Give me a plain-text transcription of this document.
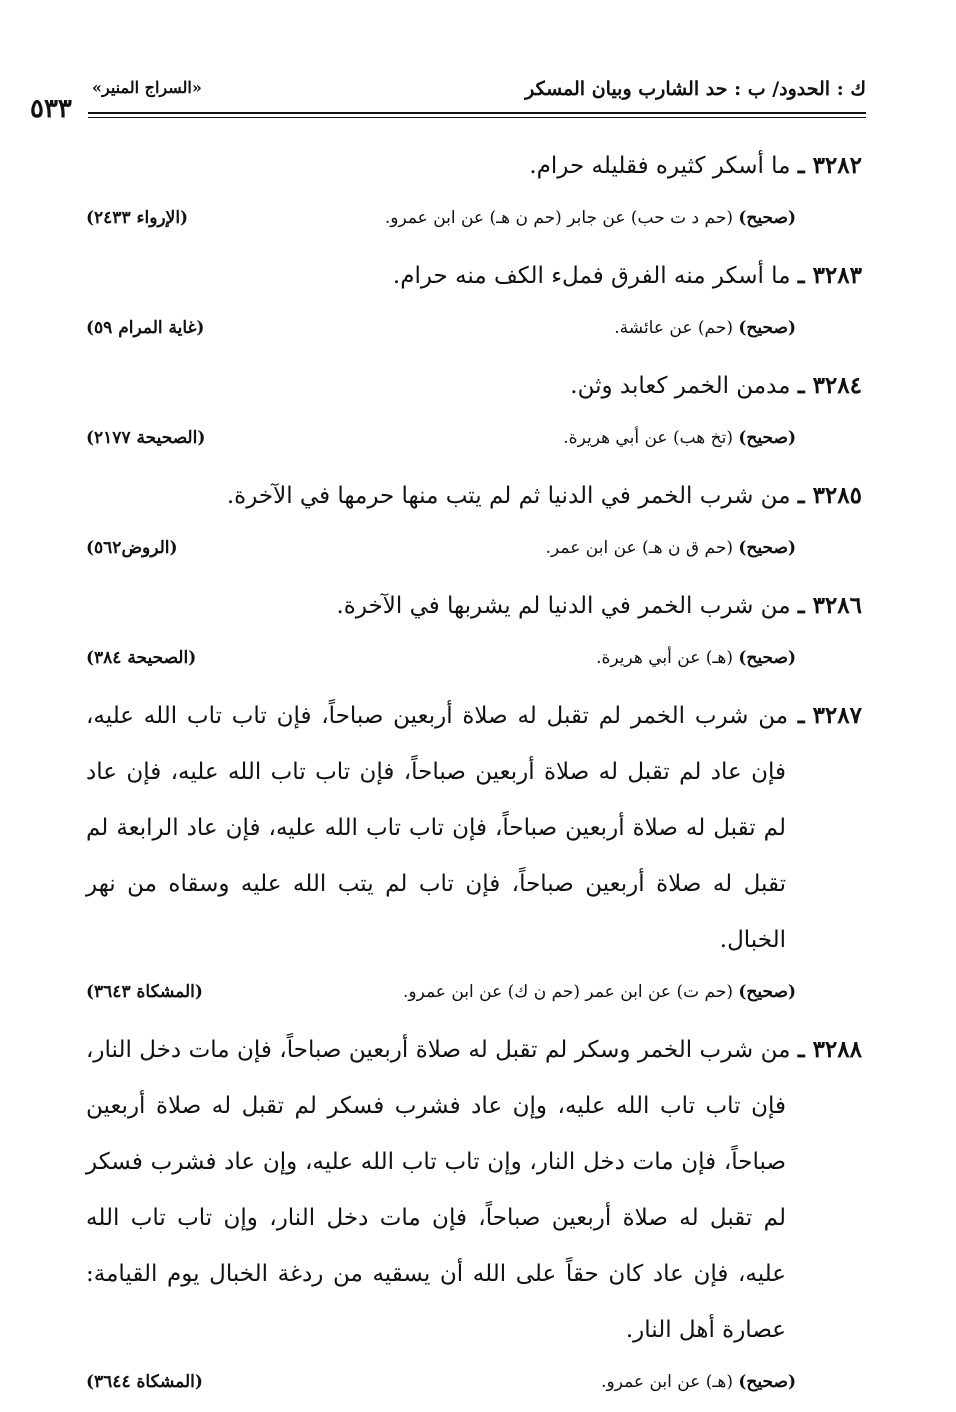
ك : الحدود/ ب : حد الشارب وبيان المسكر
«السراج المنير»
٥٣٣
٣٢٨٢ ـ ما أسكر كثيره فقليله حرام.
(صحيح) (حم د ت حب) عن جابر (حم ن هـ) عن ابن عمرو.
(الإرواء ٢٤٣٣)
٣٢٨٣ ـ ما أسكر منه الفرق فملء الكف منه حرام.
(صحيح) (حم) عن عائشة.
(غاية المرام ٥٩)
٣٢٨٤ ـ مدمن الخمر كعابد وثن.
(صحيح) (تخ هب) عن أبي هريرة.
(الصحيحة ٢١٧٧)
٣٢٨٥ ـ من شرب الخمر في الدنيا ثم لم يتب منها حرمها في الآخرة.
(صحيح) (حم ق ن هـ) عن ابن عمر.
(الروض٥٦٢)
٣٢٨٦ ـ من شرب الخمر في الدنيا لم يشربها في الآخرة.
(صحيح) (هـ) عن أبي هريرة.
(الصحيحة ٣٨٤)
٣٢٨٧ ـ من شرب الخمر لم تقبل له صلاة أربعين صباحاً، فإن تاب تاب الله عليه، فإن عاد لم تقبل له صلاة أربعين صباحاً، فإن تاب تاب الله عليه، فإن عاد لم تقبل له صلاة أربعين صباحاً، فإن تاب تاب الله عليه، فإن عاد الرابعة لم تقبل له صلاة أربعين صباحاً، فإن تاب لم يتب الله عليه وسقاه من نهر الخبال.
(صحيح) (حم ت) عن ابن عمر (حم ن ك) عن ابن عمرو.
(المشكاة ٣٦٤٣)
٣٢٨٨ ـ من شرب الخمر وسكر لم تقبل له صلاة أربعين صباحاً، فإن مات دخل النار، فإن تاب تاب الله عليه، وإن عاد فشرب فسكر لم تقبل له صلاة أربعين صباحاً، فإن مات دخل النار، وإن تاب تاب الله عليه، وإن عاد فشرب فسكر لم تقبل له صلاة أربعين صباحاً، فإن مات دخل النار، وإن تاب تاب الله عليه، فإن عاد كان حقاً على الله أن يسقيه من ردغة الخبال يوم القيامة: عصارة أهل النار.
(صحيح) (هـ) عن ابن عمرو.
(المشكاة ٣٦٤٤)
